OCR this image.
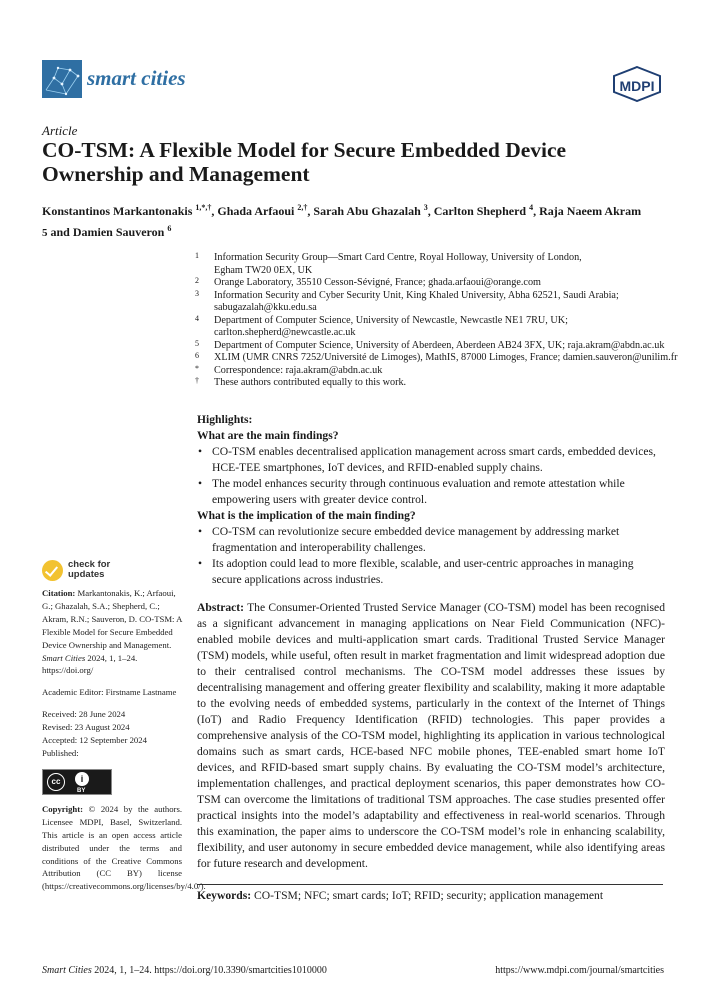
smart cities	MDPI
Article
CO-TSM: A Flexible Model for Secure Embedded Device Ownership and Management
Konstantinos Markantonakis $^{1,*,\dagger}$, Ghada Arfaoui $^{2,\dagger}$, Sarah Abu Ghazalah $^3$, Carlton Shepherd $^4$, Raja Naeem Akram
5 and Damien Sauveron $^6$
1 Information Security Group—Smart Card Centre, Royal Holloway, University of London,
Egham TW20 0EX, UK
2 Orange Laboratory, 35510 Cesson-Sévigné, France; ghada.arfaoui@orange.com
3 Information Security and Cyber Security Unit, King Khaled University, Abha 62521, Saudi Arabia;
sabugazalah@kku.edu.sa
4 Department of Computer Science, University of Newcastle, Newcastle NE1 7RU, UK;
carlton.shepherd@newcastle.ac.uk
5 Department of Computer Science, University of Aberdeen, Aberdeen AB24 3FX, UK; raja.akram@abdn.ac.uk
6 XLIM (UMR CNRS 7252/Université de Limoges), MathIS, 87000 Limoges, France; damien.sauveron@unilim.fr
* Correspondence: raja.akram@abdn.ac.uk
† These authors contributed equally to this work.
Highlights:
What are the main findings?
• CO-TSM enables decentralised application management across smart cards, embedded devices, HCE-TEE smartphones, IoT devices, and RFID-enabled supply chains.
• The model enhances security through continuous evaluation and remote attestation while empowering users with greater device control.
What is the implication of the main finding?
• CO-TSM can revolutionize secure embedded device management by addressing market fragmentation and interoperability challenges.
• Its adoption could lead to more flexible, scalable, and user-centric approaches in managing secure applications across industries.
Abstract: The Consumer-Oriented Trusted Service Manager (CO-TSM) model has been recognised as a significant advancement in managing applications on Near Field Communication (NFC)-enabled mobile devices and multi-application smart cards. Traditional Trusted Service Manager (TSM) models, while useful, often result in market fragmentation and limit widespread adoption due to their centralised control mechanisms. The CO-TSM model addresses these issues by decentralising management and offering greater flexibility and scalability, making it more adaptable to the evolving needs of embedded systems, particularly in the context of the Internet of Things (IoT) and Radio Frequency Identification (RFID) technologies. This paper provides a comprehensive analysis of the CO-TSM model, highlighting its application in various technological domains such as smart cards, HCE-based NFC mobile phones, TEE-enabled smart home IoT devices, and RFID-based smart supply chains. By evaluating the CO-TSM model’s architecture, implementation challenges, and practical deployment scenarios, this paper demonstrates how CO-TSM can overcome the limitations of traditional TSM approaches. The case studies presented offer practical insights into the model’s adaptability and effectiveness in real-world scenarios. Through this examination, the paper aims to underscore the CO-TSM model’s role in enhancing scalability, flexibility, and user autonomy in secure embedded device management, while also identifying areas for future research and development.
Keywords: CO-TSM; NFC; smart cards; IoT; RFID; security; application management
check for
updates
Citation: Markantonakis, K.; Arfaoui, G.; Ghazalah, S.A.; Shepherd, C.; Akram, R.N.; Sauveron, D. CO-TSM: A Flexible Model for Secure Embedded Device Ownership and Management. Smart Cities 2024, 1, 1–24. https://doi.org/
Academic Editor: Firstname Lastname
Received: 28 June 2024
Revised: 23 August 2024
Accepted: 12 September 2024
Published:
cc	i
BY
Copyright: © 2024 by the authors. Licensee MDPI, Basel, Switzerland. This article is an open access article distributed under the terms and conditions of the Creative Commons Attribution (CC BY) license (https://creativecommons.org/licenses/by/4.0/).
Smart Cities 2024, 1, 1–24. https://doi.org/10.3390/smartcities1010000	https://www.mdpi.com/journal/smartcities
